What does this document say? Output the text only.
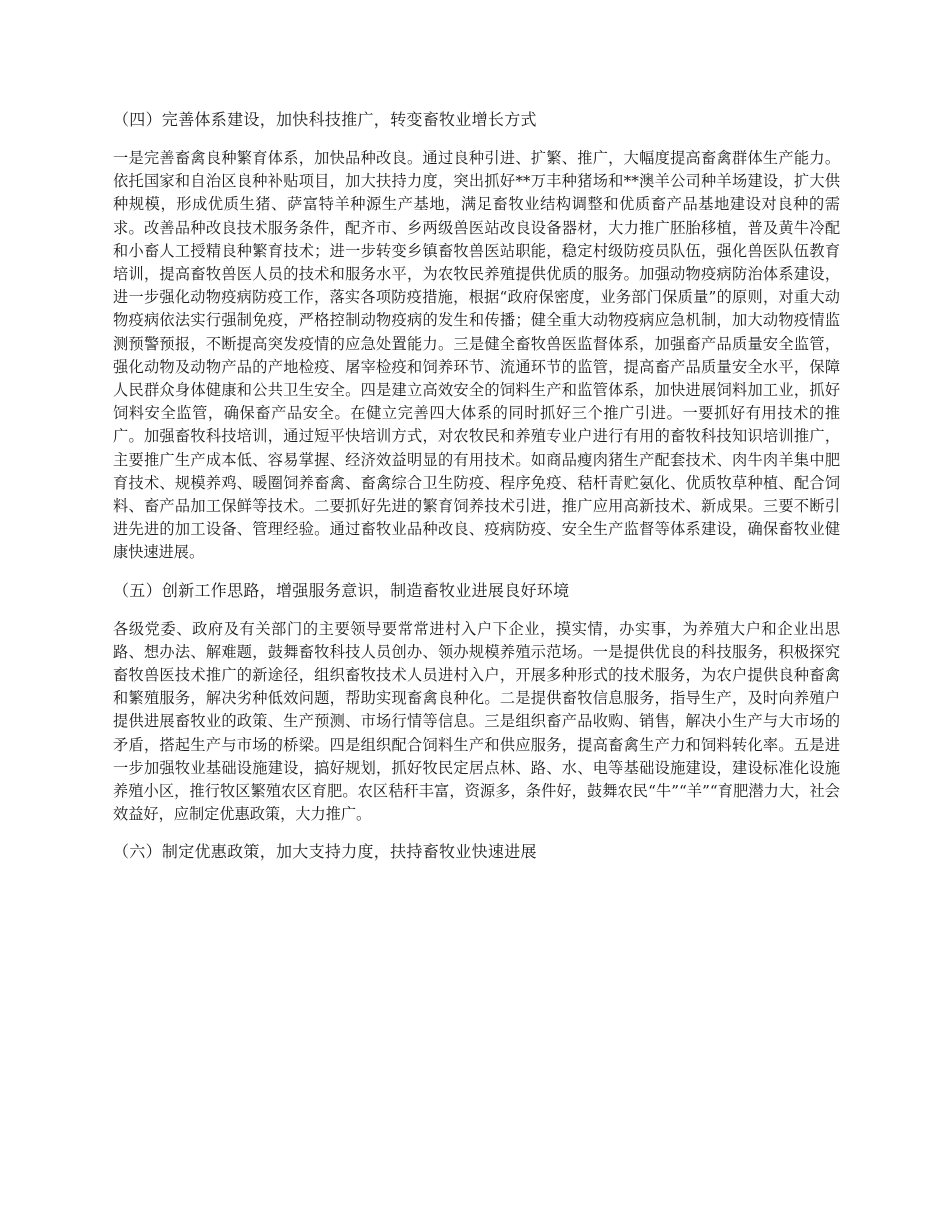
（四）完善体系建设，加快科技推广，转变畜牧业增长方式
一是完善畜禽良种繁育体系，加快品种改良。通过良种引进、扩繁、推广，大幅度提高畜禽群体生产能力。依托国家和自治区良种补贴项目，加大扶持力度，突出抓好**万丰种猪场和**澳羊公司种羊场建设，扩大供种规模，形成优质生猪、萨富特羊种源生产基地，满足畜牧业结构调整和优质畜产品基地建设对良种的需求。改善品种改良技术服务条件，配齐市、乡两级兽医站改良设备器材，大力推广胚胎移植，普及黄牛冷配和小畜人工授精良种繁育技术；进一步转变乡镇畜牧兽医站职能，稳定村级防疫员队伍，强化兽医队伍教育培训，提高畜牧兽医人员的技术和服务水平，为农牧民养殖提供优质的服务。加强动物疫病防治体系建设，进一步强化动物疫病防疫工作，落实各项防疫措施，根据“政府保密度，业务部门保质量”的原则，对重大动物疫病依法实行强制免疫，严格控制动物疫病的发生和传播；健全重大动物疫病应急机制，加大动物疫情监测预警预报，不断提高突发疫情的应急处置能力。三是健全畜牧兽医监督体系，加强畜产品质量安全监管，强化动物及动物产品的产地检疫、屠宰检疫和饲养环节、流通环节的监管，提高畜产品质量安全水平，保障人民群众身体健康和公共卫生安全。四是建立高效安全的饲料生产和监管体系，加快进展饲料加工业，抓好饲料安全监管，确保畜产品安全。在健立完善四大体系的同时抓好三个推广引进。一要抓好有用技术的推广。加强畜牧科技培训，通过短平快培训方式，对农牧民和养殖专业户进行有用的畜牧科技知识培训推广，主要推广生产成本低、容易掌握、经济效益明显的有用技术。如商品瘦肉猪生产配套技术、肉牛肉羊集中肥育技术、规模养鸡、暖圈饲养畜禽、畜禽综合卫生防疫、程序免疫、秸杆青贮氨化、优质牧草种植、配合饲料、畜产品加工保鲜等技术。二要抓好先进的繁育饲养技术引进，推广应用高新技术、新成果。三要不断引进先进的加工设备、管理经验。通过畜牧业品种改良、疫病防疫、安全生产监督等体系建设，确保畜牧业健康快速进展。
（五）创新工作思路，增强服务意识，制造畜牧业进展良好环境
各级党委、政府及有关部门的主要领导要常常进村入户下企业，摸实情，办实事，为养殖大户和企业出思路、想办法、解难题，鼓舞畜牧科技人员创办、领办规模养殖示范场。一是提供优良的科技服务，积极探究畜牧兽医技术推广的新途径，组织畜牧技术人员进村入户，开展多种形式的技术服务，为农户提供良种畜禽和繁殖服务，解决劣种低效问题，帮助实现畜禽良种化。二是提供畜牧信息服务，指导生产，及时向养殖户提供进展畜牧业的政策、生产预测、市场行情等信息。三是组织畜产品收购、销售，解决小生产与大市场的矛盾，搭起生产与市场的桥梁。四是组织配合饲料生产和供应服务，提高畜禽生产力和饲料转化率。五是进一步加强牧业基础设施建设，搞好规划，抓好牧民定居点林、路、水、电等基础设施建设，建设标准化设施养殖小区，推行牧区繁殖农区育肥。农区秸秆丰富，资源多，条件好，鼓舞农民“牛”“羊”“育肥潜力大，社会效益好，应制定优惠政策，大力推广。
（六）制定优惠政策，加大支持力度，扶持畜牧业快速进展
